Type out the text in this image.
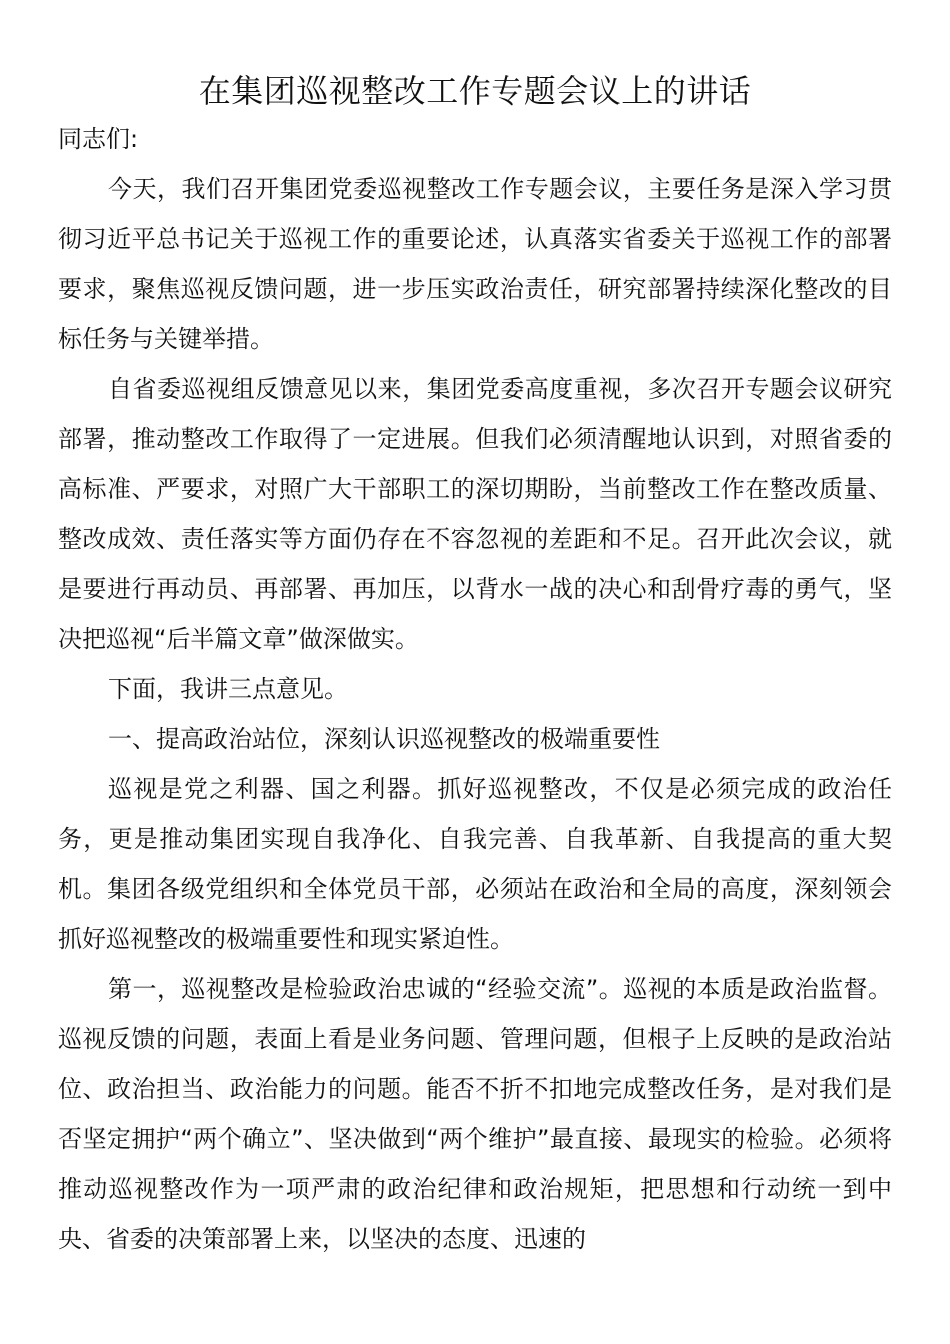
在集团巡视整改工作专题会议上的讲话

同志们:

今天，我们召开集团党委巡视整改工作专题会议，主要任务是深入学习贯彻习近平总书记关于巡视工作的重要论述，认真落实省委关于巡视工作的部署要求，聚焦巡视反馈问题，进一步压实政治责任，研究部署持续深化整改的目标任务与关键举措。

自省委巡视组反馈意见以来，集团党委高度重视，多次召开专题会议研究部署，推动整改工作取得了一定进展。但我们必须清醒地认识到，对照省委的高标准、严要求，对照广大干部职工的深切期盼，当前整改工作在整改质量、整改成效、责任落实等方面仍存在不容忽视的差距和不足。召开此次会议，就是要进行再动员、再部署、再加压，以背水一战的决心和刮骨疗毒的勇气，坚决把巡视“后半篇文章”做深做实。

下面，我讲三点意见。

一、提高政治站位，深刻认识巡视整改的极端重要性

巡视是党之利器、国之利器。抓好巡视整改，不仅是必须完成的政治任务，更是推动集团实现自我净化、自我完善、自我革新、自我提高的重大契机。集团各级党组织和全体党员干部，必须站在政治和全局的高度，深刻领会抓好巡视整改的极端重要性和现实紧迫性。

第一，巡视整改是检验政治忠诚的“经验交流”。巡视的本质是政治监督。巡视反馈的问题，表面上看是业务问题、管理问题，但根子上反映的是政治站位、政治担当、政治能力的问题。能否不折不扣地完成整改任务，是对我们是否坚定拥护“两个确立”、坚决做到“两个维护”最直接、最现实的检验。必须将推动巡视整改作为一项严肃的政治纪律和政治规矩，把思想和行动统一到中央、省委的决策部署上来，以坚决的态度、迅速的
